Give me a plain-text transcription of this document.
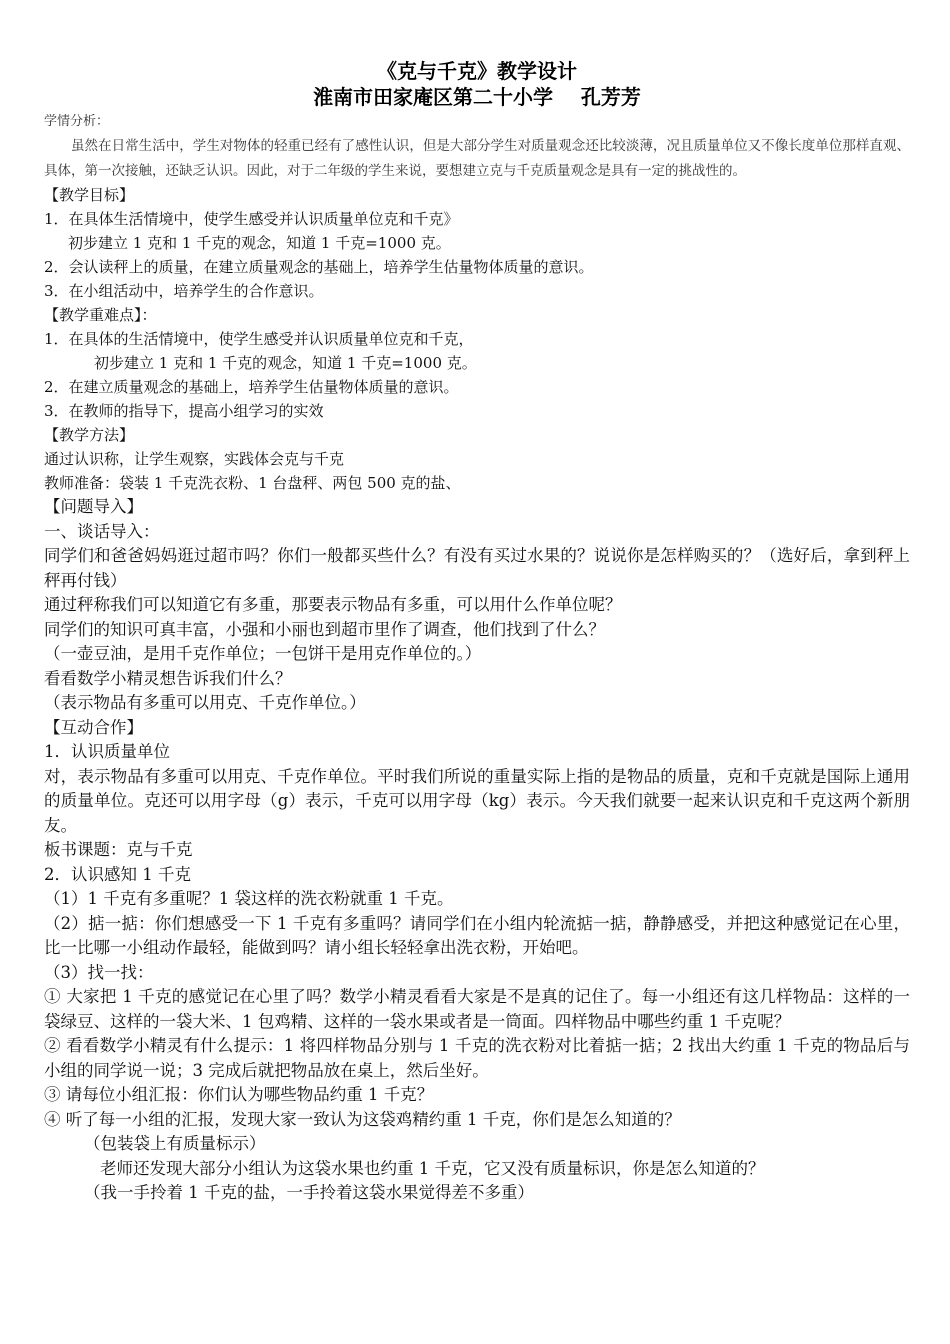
《克与千克》教学设计
淮南市田家庵区第二十小学    孔芳芳
学情分析：

虽然在日常生活中，学生对物体的轻重已经有了感性认识，但是大部分学生对质量观念还比较淡薄，况且质量单位又不像长度单位那样直观、具体，第一次接触，还缺乏认识。因此，对于二年级的学生来说，要想建立克与千克质量观念是具有一定的挑战性的。

【教学目标】
1．在具体生活情境中，使学生感受并认识质量单位克和千克》
初步建立 1 克和 1 千克的观念，知道 1 千克=1000 克。
2．会认读秤上的质量，在建立质量观念的基础上，培养学生估量物体质量的意识。
3．在小组活动中，培养学生的合作意识。
【教学重难点】：
1．在具体的生活情境中，使学生感受并认识质量单位克和千克，
初步建立 1 克和 1 千克的观念，知道 1 千克=1000 克。
2．在建立质量观念的基础上，培养学生估量物体质量的意识。
3．在教师的指导下，提高小组学习的实效
【教学方法】
通过认识称，让学生观察，实践体会克与千克
教师准备：袋装 1 千克洗衣粉、1 台盘秤、两包 500 克的盐、
【问题导入】
一、谈话导入：

同学们和爸爸妈妈逛过超市吗？你们一般都买些什么？有没有买过水果的？说说你是怎样购买的？（选好后，拿到秤上秤再付钱）

通过秤称我们可以知道它有多重，那要表示物品有多重，可以用什么作单位呢？

同学们的知识可真丰富，小强和小丽也到超市里作了调查，他们找到了什么？

（一壶豆油，是用千克作单位；一包饼干是用克作单位的。）

看看数学小精灵想告诉我们什么？

（表示物品有多重可以用克、千克作单位。）

【互动合作】
1．认识质量单位

对，表示物品有多重可以用克、千克作单位。平时我们所说的重量实际上指的是物品的质量，克和千克就是国际上通用的质量单位。克还可以用字母（g）表示，千克可以用字母（kg）表示。今天我们就要一起来认识克和千克这两个新朋友。

板书课题：克与千克
2．认识感知 1 千克

（1）1 千克有多重呢？1 袋这样的洗衣粉就重 1 千克。

（2）掂一掂：你们想感受一下 1 千克有多重吗？请同学们在小组内轮流掂一掂，静静感受，并把这种感觉记在心里，比一比哪一小组动作最轻，能做到吗？请小组长轻轻拿出洗衣粉，开始吧。

（3）找一找：

① 大家把 1 千克的感觉记在心里了吗？数学小精灵看看大家是不是真的记住了。每一小组还有这几样物品：这样的一袋绿豆、这样的一袋大米、1 包鸡精、这样的一袋水果或者是一筒面。四样物品中哪些约重 1 千克呢？

② 看看数学小精灵有什么提示：1 将四样物品分别与 1 千克的洗衣粉对比着掂一掂；2 找出大约重 1 千克的物品后与小组的同学说一说；3 完成后就把物品放在桌上，然后坐好。

③ 请每位小组汇报：你们认为哪些物品约重 1 千克？

④ 听了每一小组的汇报，发现大家一致认为这袋鸡精约重 1 千克，你们是怎么知道的？

（包装袋上有质量标示）

老师还发现大部分小组认为这袋水果也约重 1 千克，它又没有质量标识，你是怎么知道的？

（我一手拎着 1 千克的盐，一手拎着这袋水果觉得差不多重）
